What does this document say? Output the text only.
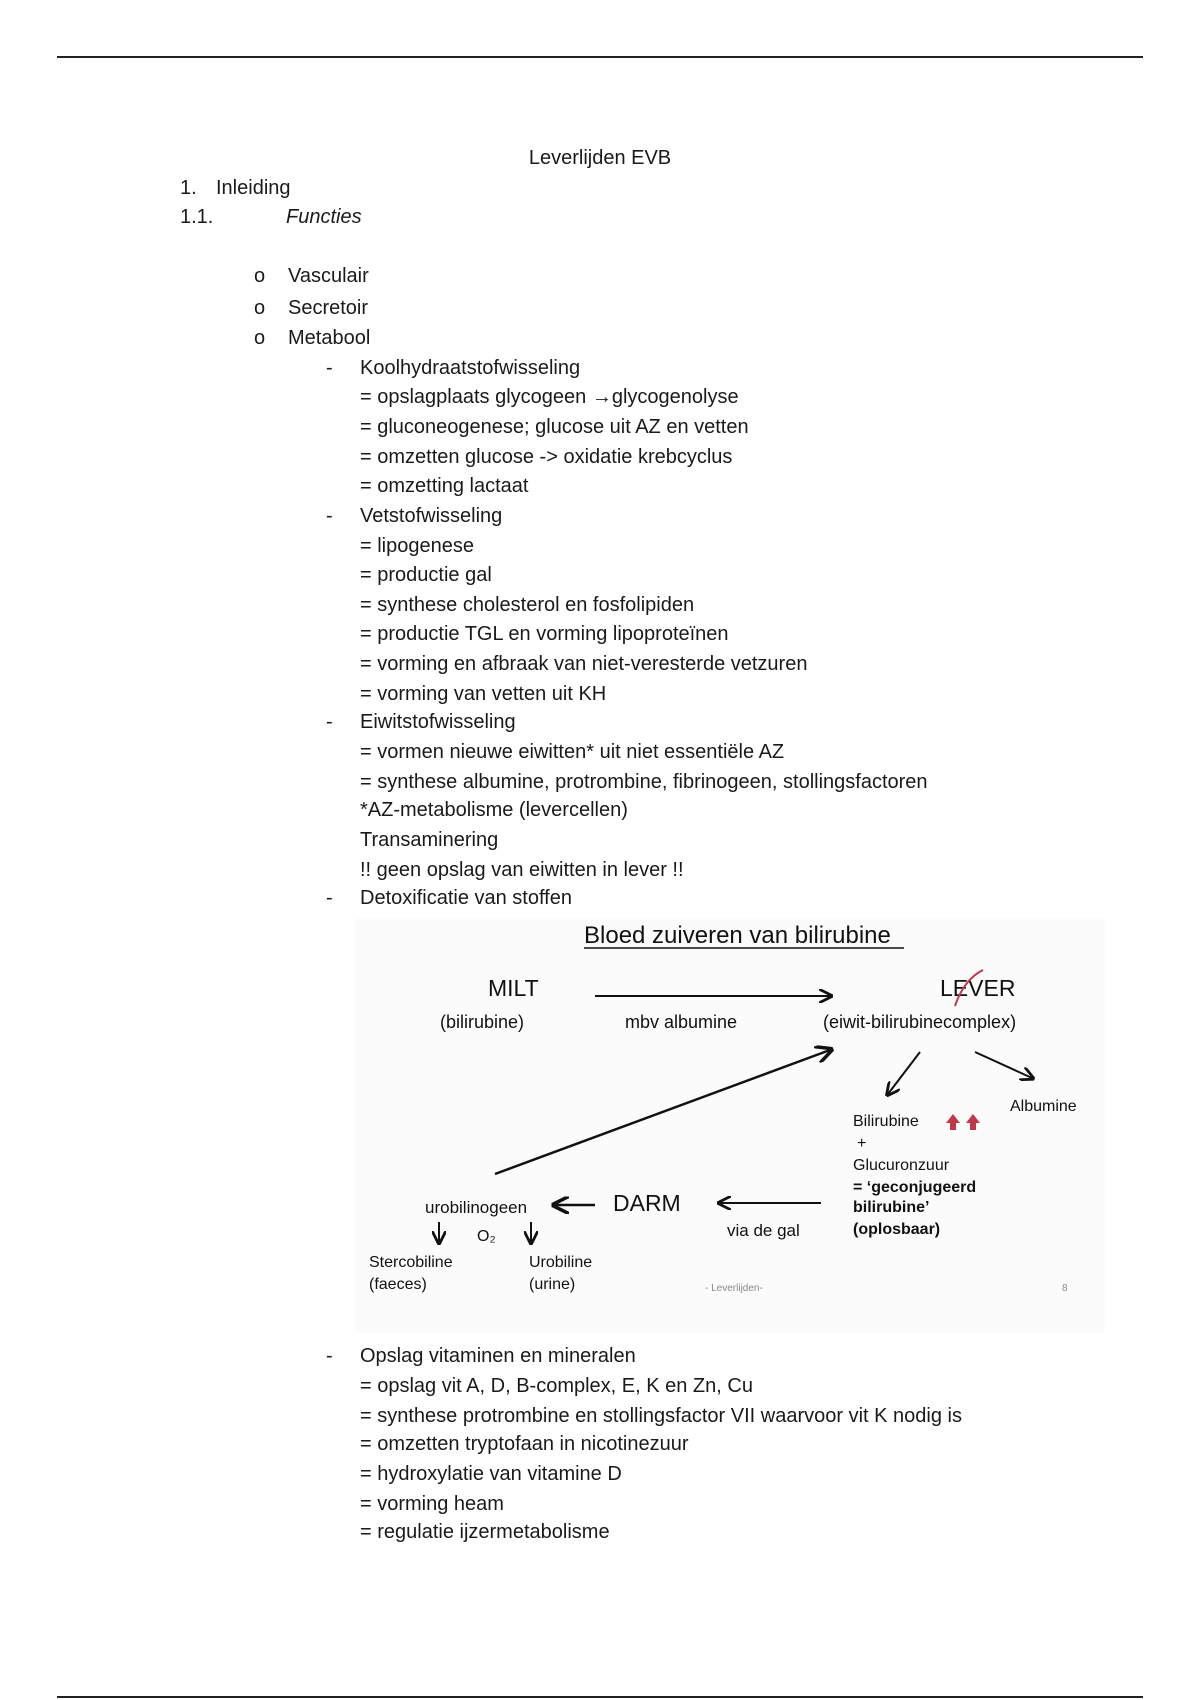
Leverlijden EVB
1. Inleiding
1.1.	Functies
o Vasculair
o Secretoir
o Metabool
- Koolhydraatstofwisseling
= opslagplaats glycogeen →glycogenolyse
= gluconeogenese; glucose uit AZ en vetten
= omzetten glucose -> oxidatie krebcyclus
= omzetting lactaat
- Vetstofwisseling
= lipogenese
= productie gal
= synthese cholesterol en fosfolipiden
= productie TGL en vorming lipoproteïnen
= vorming en afbraak van niet-veresterde vetzuren
= vorming van vetten uit KH
- Eiwitstofwisseling
= vormen nieuwe eiwitten* uit niet essentiële AZ
= synthese albumine, protrombine, fibrinogeen, stollingsfactoren
*AZ-metabolisme (levercellen)
Transaminering
!! geen opslag van eiwitten in lever !!
- Detoxificatie van stoffen
Bloed zuiveren van bilirubine
MILT
(bilirubine)	mbv albumine
LEVER
(eiwit-bilirubinecomplex)
Albumine
Bilirubine
+
Glucuronzuur
= ‘geconjugeerd
bilirubine’
(oplosbaar)
via de gal
DARM
urobilinogeen
O₂
Stercobiline
(faeces)
Urobiline
(urine)	- Leverlijden-	8
- Opslag vitaminen en mineralen
= opslag vit A, D, B-complex, E, K en Zn, Cu
= synthese protrombine en stollingsfactor VII waarvoor vit K nodig is
= omzetten tryptofaan in nicotinezuur
= hydroxylatie van vitamine D
= vorming heam
= regulatie ijzermetabolisme
